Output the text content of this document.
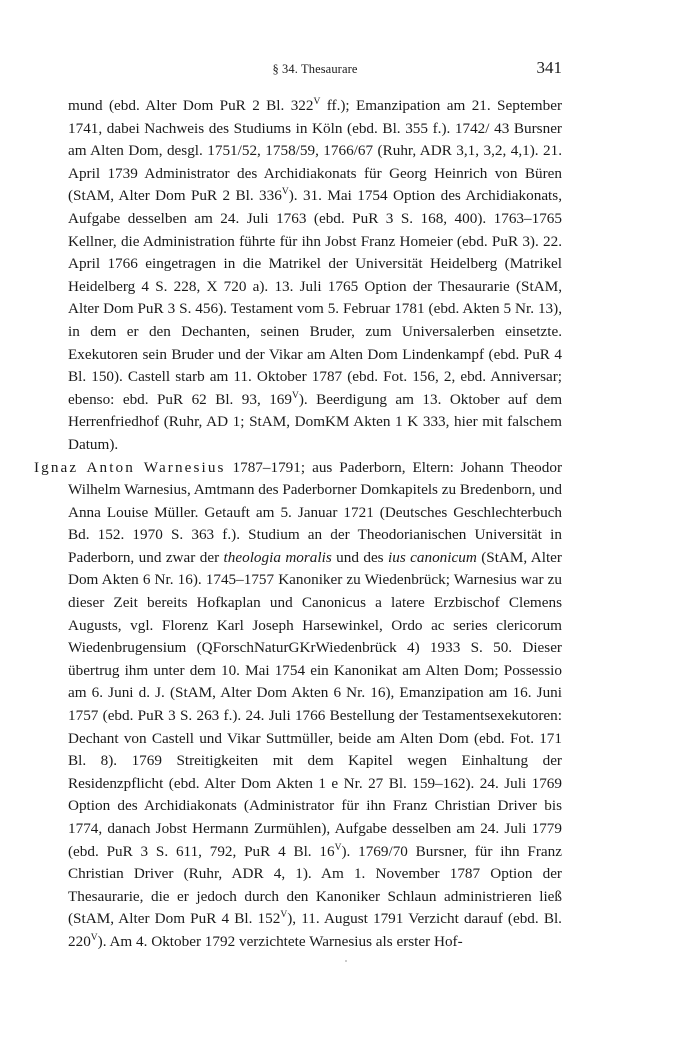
§ 34. Thesaurare	341

mund (ebd. Alter Dom PuR 2 Bl. $322^V$ ff.); Emanzipation am 21. September 1741, dabei Nachweis des Studiums in Köln (ebd. Bl. 355 f.). 1742/ 43 Bursner am Alten Dom, desgl. 1751/52, 1758/59, 1766/67 (Ruhr, ADR 3,1, 3,2, 4,1). 21. April 1739 Administrator des Archidiakonats für Georg Heinrich von Büren (StAM, Alter Dom PuR 2 Bl. $336^V$). 31. Mai 1754 Option des Archidiakonats, Aufgabe desselben am 24. Juli 1763 (ebd. PuR 3 S. 168, 400). 1763–1765 Kellner, die Administration führte für ihn Jobst Franz Homeier (ebd. PuR 3). 22. April 1766 eingetragen in die Matrikel der Universität Heidelberg (Matrikel Heidelberg 4 S. 228, X 720 a). 13. Juli 1765 Option der Thesaurarie (StAM, Alter Dom PuR 3 S. 456). Testament vom 5. Februar 1781 (ebd. Akten 5 Nr. 13), in dem er den Dechanten, seinen Bruder, zum Universalerben einsetzte. Exekutoren sein Bruder und der Vikar am Alten Dom Lindenkampf (ebd. PuR 4 Bl. 150). Castell starb am 11. Oktober 1787 (ebd. Fot. 156, 2, ebd. Anniversar; ebenso: ebd. PuR 62 Bl. 93, $169^V$). Beerdigung am 13. Oktober auf dem Herrenfriedhof (Ruhr, AD 1; StAM, DomKM Akten 1 K 333, hier mit falschem Datum).

Ignaz Anton Warnesius 1787–1791; aus Paderborn, Eltern: Johann Theodor Wilhelm Warnesius, Amtmann des Paderborner Domkapitels zu Bredenborn, und Anna Louise Müller. Getauft am 5. Januar 1721 (Deutsches Geschlechterbuch Bd. 152. 1970 S. 363 f.). Studium an der Theodorianischen Universität in Paderborn, und zwar der theologia moralis und des ius canonicum (StAM, Alter Dom Akten 6 Nr. 16). 1745–1757 Kanoniker zu Wiedenbrück; Warnesius war zu dieser Zeit bereits Hofkaplan und Canonicus a latere Erzbischof Clemens Augusts, vgl. Florenz Karl Joseph Harsewinkel, Ordo ac series clericorum Wiedenbrugensium (QForschNaturGKrWiedenbrück 4) 1933 S. 50. Dieser übertrug ihm unter dem 10. Mai 1754 ein Kanonikat am Alten Dom; Possessio am 6. Juni d. J. (StAM, Alter Dom Akten 6 Nr. 16), Emanzipation am 16. Juni 1757 (ebd. PuR 3 S. 263 f.). 24. Juli 1766 Bestellung der Testamentsexekutoren: Dechant von Castell und Vikar Suttmüller, beide am Alten Dom (ebd. Fot. 171 Bl. 8). 1769 Streitigkeiten mit dem Kapitel wegen Einhaltung der Residenzpflicht (ebd. Alter Dom Akten 1 e Nr. 27 Bl. 159–162). 24. Juli 1769 Option des Archidiakonats (Administrator für ihn Franz Christian Driver bis 1774, danach Jobst Hermann Zurmühlen), Aufgabe desselben am 24. Juli 1779 (ebd. PuR 3 S. 611, 792, PuR 4 Bl. $16^V$). 1769/70 Bursner, für ihn Franz Christian Driver (Ruhr, ADR 4, 1). Am 1. November 1787 Option der Thesaurarie, die er jedoch durch den Kanoniker Schlaun administrieren ließ (StAM, Alter Dom PuR 4 Bl. $152^V$), 11. August 1791 Verzicht darauf (ebd. Bl. $220^V$). Am 4. Oktober 1792 verzichtete Warnesius als erster Hof-
